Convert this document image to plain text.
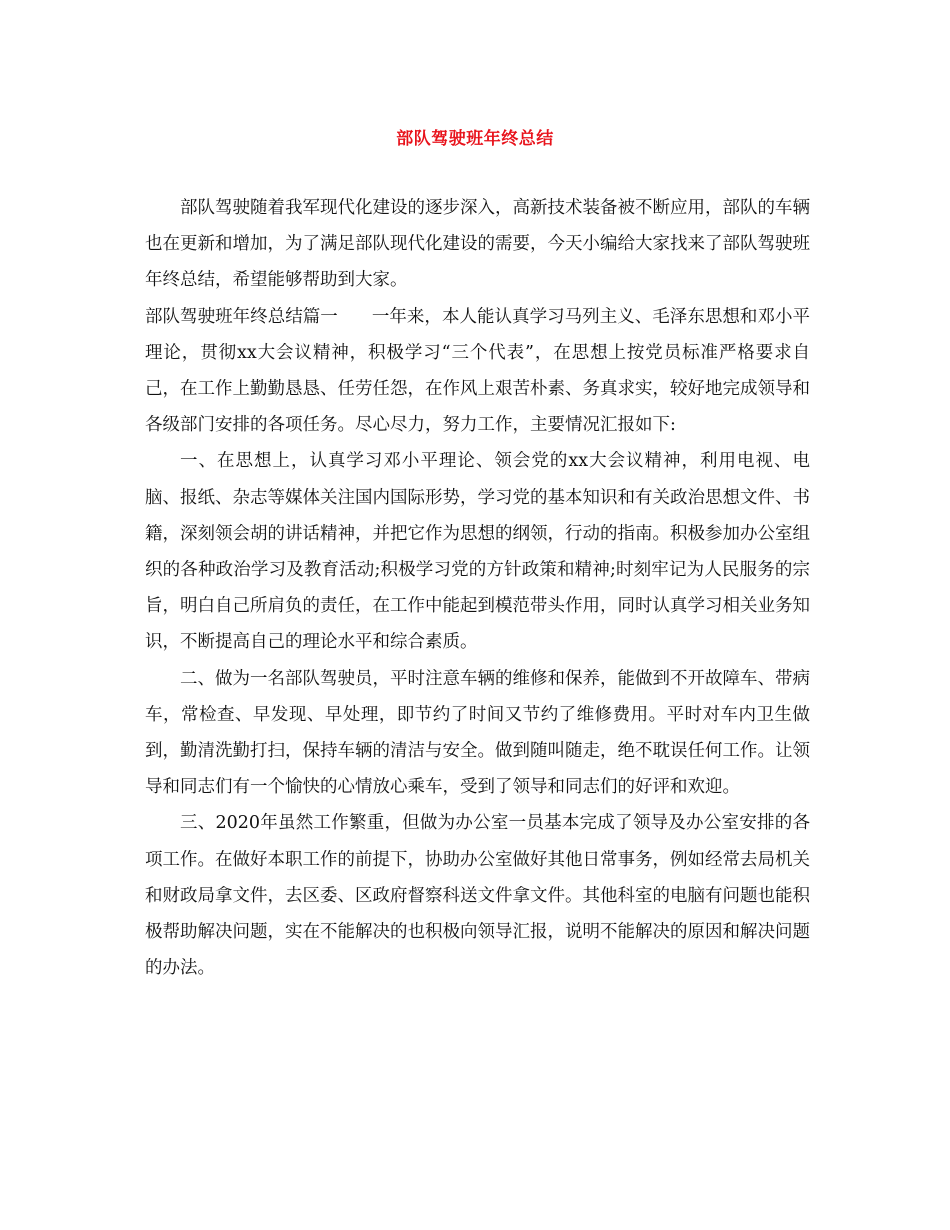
部队驾驶班年终总结

部队驾驶随着我军现代化建设的逐步深入，高新技术装备被不断应用，部队的车辆也在更新和增加，为了满足部队现代化建设的需要，今天小编给大家找来了部队驾驶班年终总结，希望能够帮助到大家。

部队驾驶班年终总结篇一 一年来，本人能认真学习马列主义、毛泽东思想和邓小平理论，贯彻xx大会议精神，积极学习“三个代表”，在思想上按党员标准严格要求自己，在工作上勤勤恳恳、任劳任怨，在作风上艰苦朴素、务真求实，较好地完成领导和各级部门安排的各项任务。尽心尽力，努力工作，主要情况汇报如下:

一、在思想上，认真学习邓小平理论、领会党的xx大会议精神，利用电视、电脑、报纸、杂志等媒体关注国内国际形势，学习党的基本知识和有关政治思想文件、书籍，深刻领会胡的讲话精神，并把它作为思想的纲领，行动的指南。积极参加办公室组织的各种政治学习及教育活动;积极学习党的方针政策和精神;时刻牢记为人民服务的宗旨，明白自己所肩负的责任，在工作中能起到模范带头作用，同时认真学习相关业务知识，不断提高自己的理论水平和综合素质。

二、做为一名部队驾驶员，平时注意车辆的维修和保养，能做到不开故障车、带病车，常检查、早发现、早处理，即节约了时间又节约了维修费用。平时对车内卫生做到，勤清洗勤打扫，保持车辆的清洁与安全。做到随叫随走，绝不耽误任何工作。让领导和同志们有一个愉快的心情放心乘车，受到了领导和同志们的好评和欢迎。

三、2020年虽然工作繁重，但做为办公室一员基本完成了领导及办公室安排的各项工作。在做好本职工作的前提下，协助办公室做好其他日常事务，例如经常去局机关和财政局拿文件，去区委、区政府督察科送文件拿文件。其他科室的电脑有问题也能积极帮助解决问题，实在不能解决的也积极向领导汇报，说明不能解决的原因和解决问题的办法。
